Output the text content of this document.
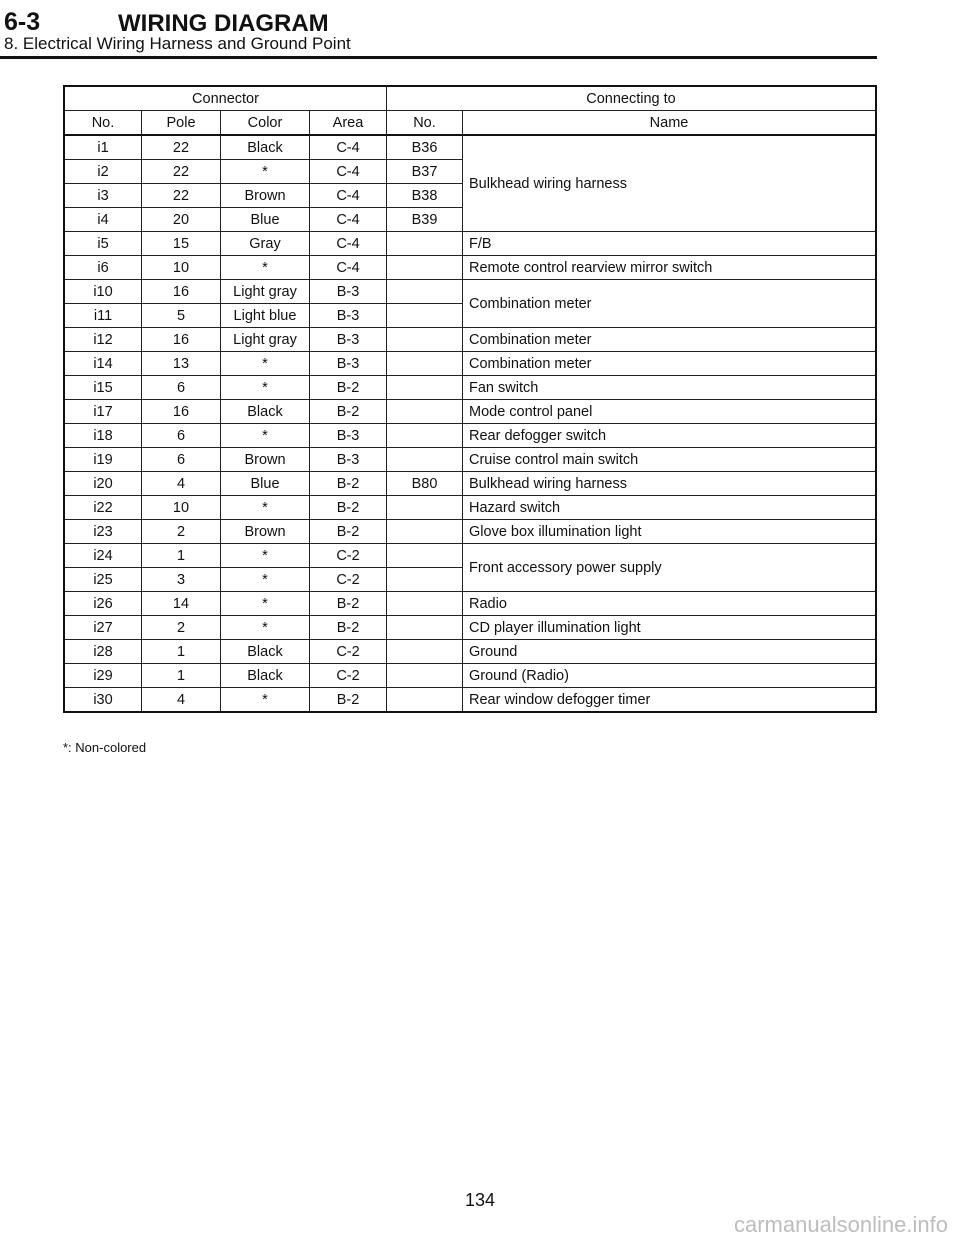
6-3	WIRING DIAGRAM
8. Electrical Wiring Harness and Ground Point
Connector				Connecting to	
No.	Pole	Color	Area	No.	Name
i1	22	Black	C-4	B36	Bulkhead wiring harness
i2	22	*	C-4	B37	
i3	22	Brown	C-4	B38	
i4	20	Blue	C-4	B39	
i5	15	Gray	C-4		F/B
i6	10	*	C-4		Remote control rearview mirror switch
i10	16	Light gray	B-3		Combination meter
i11	5	Light blue	B-3		
i12	16	Light gray	B-3		Combination meter
i14	13	*	B-3		Combination meter
i15	6	*	B-2		Fan switch
i17	16	Black	B-2		Mode control panel
i18	6	*	B-3		Rear defogger switch
i19	6	Brown	B-3		Cruise control main switch
i20	4	Blue	B-2	B80	Bulkhead wiring harness
i22	10	*	B-2		Hazard switch
i23	2	Brown	B-2		Glove box illumination light
i24	1	*	C-2		Front accessory power supply
i25	3	*	C-2		
i26	14	*	B-2		Radio
i27	2	*	B-2		CD player illumination light
i28	1	Black	C-2		Ground
i29	1	Black	C-2		Ground (Radio)
i30	4	*	B-2		Rear window defogger timer
*: Non-colored
134
carmanualsonline.info
